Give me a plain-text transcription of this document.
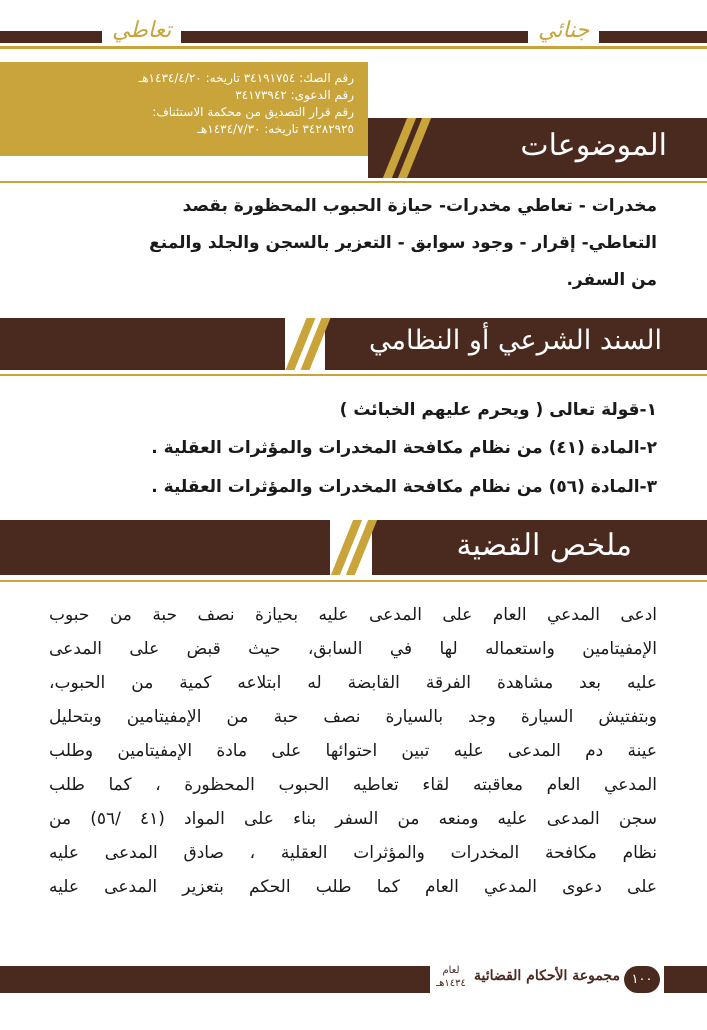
تعاطي	جنائي
رقم الصك: ٣٤١٩١٧٥٤ تاريخه: ١٤٣٤/٤/٢٠هـ
رقم الدعوى: ٣٤١٧٣٩٤٢
رقم قرار التصديق من محكمة الاستئناف:
٣٤٢٨٢٩٢٥ تاريخه: ١٤٣٤/٧/٣٠هـ	الموضوعات
مخدرات - تعاطي مخدرات- حيازة الحبوب المحظورة بقصد
التعاطي- إقرار - وجود سوابق - التعزير بالسجن والجلد والمنع
من السفر.
السند الشرعي أو النظامي
١-قولة تعالى ( ويحرم عليهم الخبائث )
٢-المادة (٤١) من نظام مكافحة المخدرات والمؤثرات العقلية .
٣-المادة (٥٦) من نظام مكافحة المخدرات والمؤثرات العقلية .
ملخص القضية
ادعى المدعي العام على المدعى عليه بحيازة نصف حبة من حبوب
الإمفيتامين واستعماله لها في السابق، حيث قبض على المدعى
عليه بعد مشاهدة الفرقة القابضة له ابتلاعه كمية من الحبوب،
وبتفتيش السيارة وجد بالسيارة نصف حبة من الإمفيتامين وبتحليل
عينة دم المدعى عليه تبين احتوائها على مادة الإمفيتامين وطلب
المدعي العام معاقبته لقاء تعاطيه الحبوب المحظورة ، كما طلب
سجن المدعى عليه ومنعه من السفر بناء على المواد (٤١ /٥٦) من
نظام مكافحة المخدرات والمؤثرات العقلية ، صادق المدعى عليه
على دعوى المدعي العام كما طلب الحكم بتعزير المدعى عليه
لعام
١٤٣٤هـ مجموعة الأحكام القضائية ١٠٠
